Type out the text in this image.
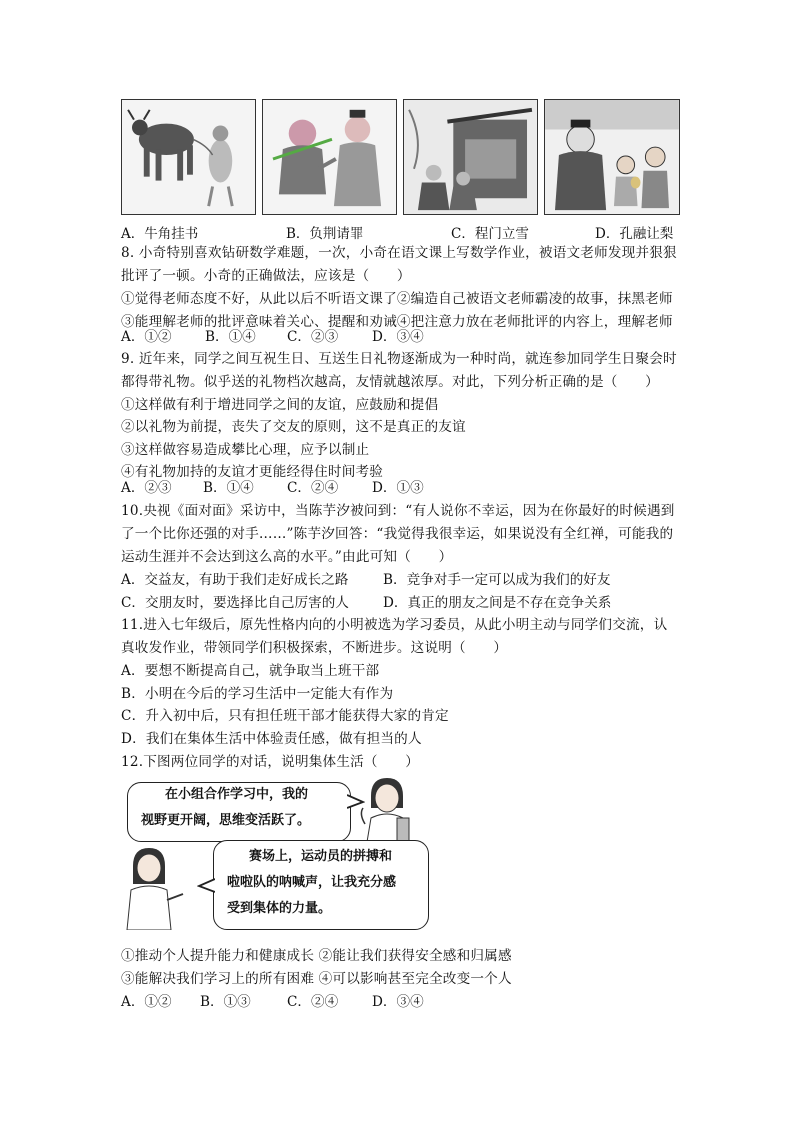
A．牛角挂书	B．负荆请罪	C．程门立雪	D．孔融让梨
8. 小奇特别喜欢钻研数学难题，一次，小奇在语文课上写数学作业，被语文老师发现并狠狠
批评了一顿。小奇的正确做法，应该是（　　）
①觉得老师态度不好，从此以后不听语文课了②编造自己被语文老师霸凌的故事，抹黑老师
③能理解老师的批评意味着关心、提醒和劝诫④把注意力放在老师批评的内容上，理解老师
A．①② B．①④ C．②③ D．③④
9. 近年来，同学之间互祝生日、互送生日礼物逐渐成为一种时尚，就连参加同学生日聚会时
都得带礼物。似乎送的礼物档次越高，友情就越浓厚。对此，下列分析正确的是（　　）
①这样做有利于增进同学之间的友谊，应鼓励和提倡
②以礼物为前提，丧失了交友的原则，这不是真正的友谊
③这样做容易造成攀比心理，应予以制止
④有礼物加持的友谊才更能经得住时间考验
A．②③ B．①④ C．②④ D．①③
10.央视《面对面》采访中，当陈芋汐被问到：“有人说你不幸运，因为在你最好的时候遇到
了一个比你还强的对手……”陈芋汐回答：“我觉得我很幸运，如果说没有全红禅，可能我的
运动生涯并不会达到这么高的水平。”由此可知（　　）
A．交益友，有助于我们走好成长之路	B．竞争对手一定可以成为我们的好友
C．交朋友时，要选择比自己厉害的人	D．真正的朋友之间是不存在竞争关系
11.进入七年级后，原先性格内向的小明被选为学习委员，从此小明主动与同学们交流，认
真收发作业，带领同学们积极探索，不断进步。这说明（　　）
A．要想不断提高自己，就争取当上班干部
B．小明在今后的学习生活中一定能大有作为
C．升入初中后，只有担任班干部才能获得大家的肯定
D．我们在集体生活中体验责任感，做有担当的人
12.下图两位同学的对话，说明集体生活（　　）
在小组合作学习中，我的
视野更开阔，思维变活跃了。
赛场上，运动员的拼搏和
啦啦队的呐喊声，让我充分感
受到集体的力量。
①推动个人提升能力和健康成长 ②能让我们获得安全感和归属感
③能解决我们学习上的所有困难 ④可以影响甚至完全改变一个人
A．①② B．①③	C．②④ D．③④
